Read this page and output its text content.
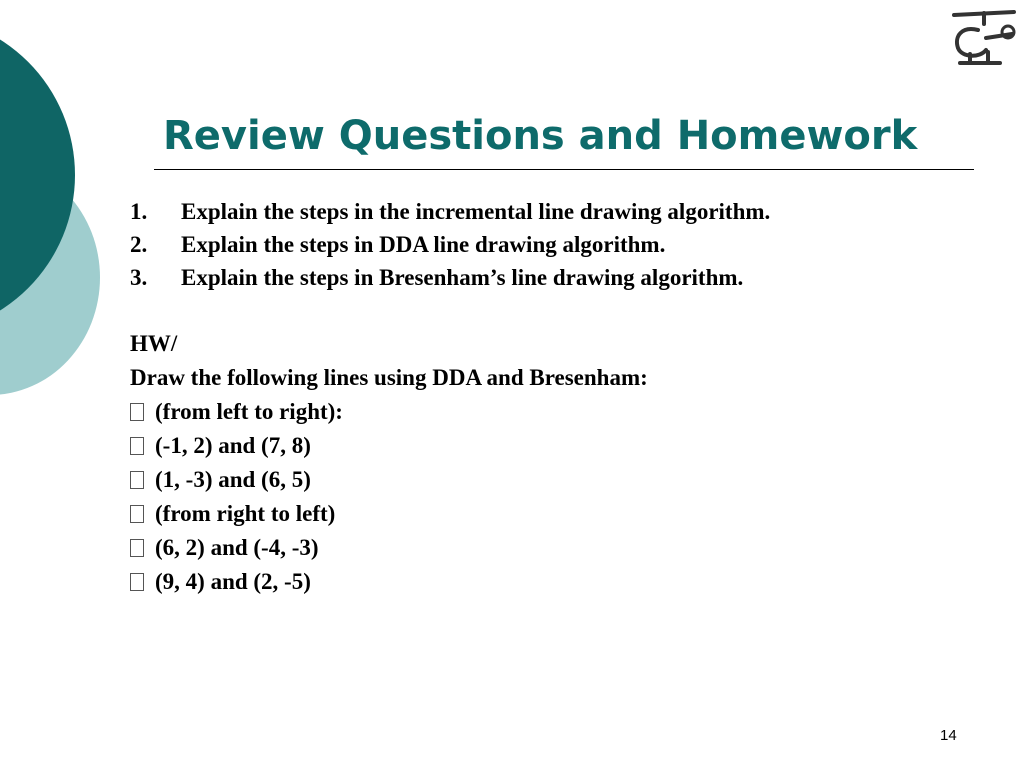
Review Questions and Homework
1.	Explain the steps in the incremental line drawing algorithm.
2.	Explain the steps in DDA line drawing algorithm.
3.	Explain the steps in Bresenham’s line drawing algorithm.
HW/
Draw the following lines using DDA and Bresenham:
(from left to right):
(-1, 2) and (7, 8)
(1, -3) and (6, 5)
(from right to left)
(6, 2) and (-4, -3)
(9, 4) and (2, -5)
14
